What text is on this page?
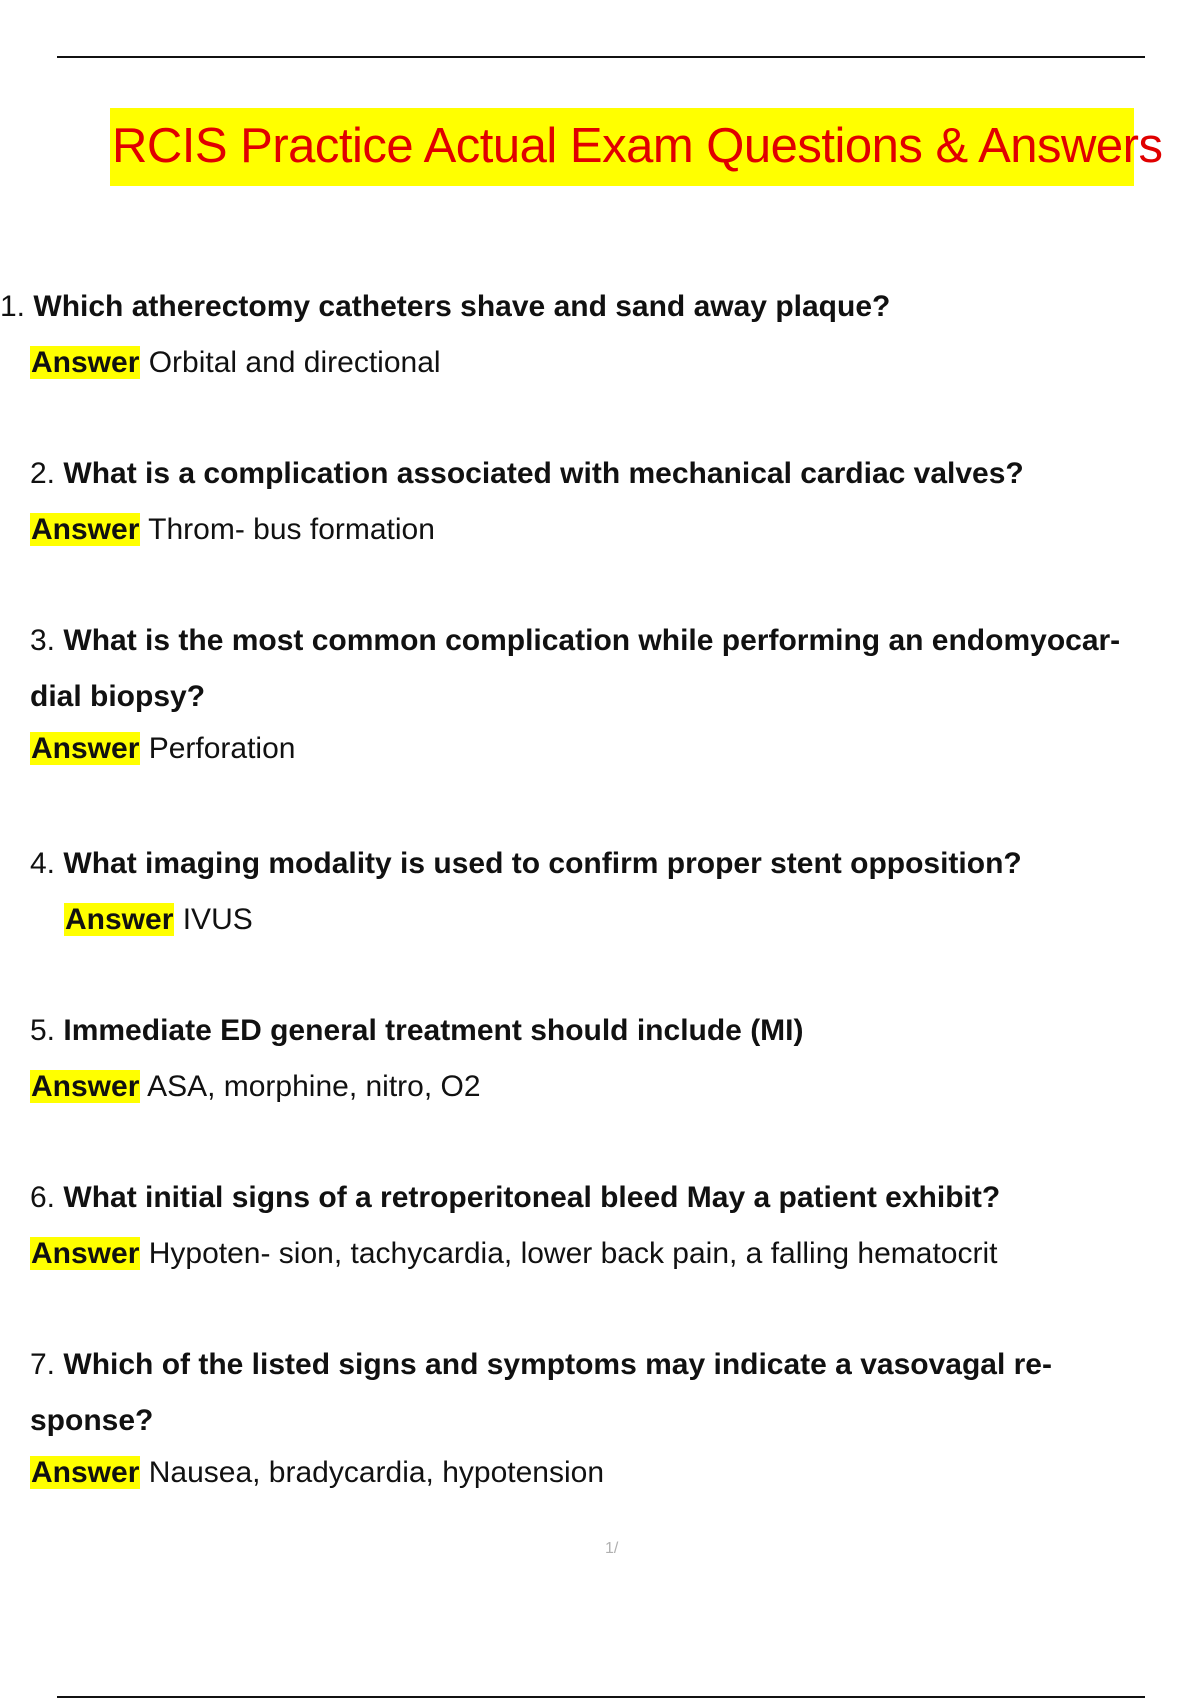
RCIS Practice Actual Exam Questions & Answers
1. Which atherectomy catheters shave and sand away plaque?
Answer Orbital and directional
2. What is a complication associated with mechanical cardiac valves?
Answer Throm- bus formation
3. What is the most common complication while performing an endomyocar-
dial biopsy?
Answer Perforation
4. What imaging modality is used to confirm proper stent opposition?
Answer IVUS
5. Immediate ED general treatment should include (MI)
Answer ASA, morphine, nitro, O2
6. What initial signs of a retroperitoneal bleed May a patient exhibit?
Answer Hypoten- sion, tachycardia, lower back pain, a falling hematocrit
7. Which of the listed signs and symptoms may indicate a vasovagal re-
sponse?
Answer Nausea, bradycardia, hypotension
1/
